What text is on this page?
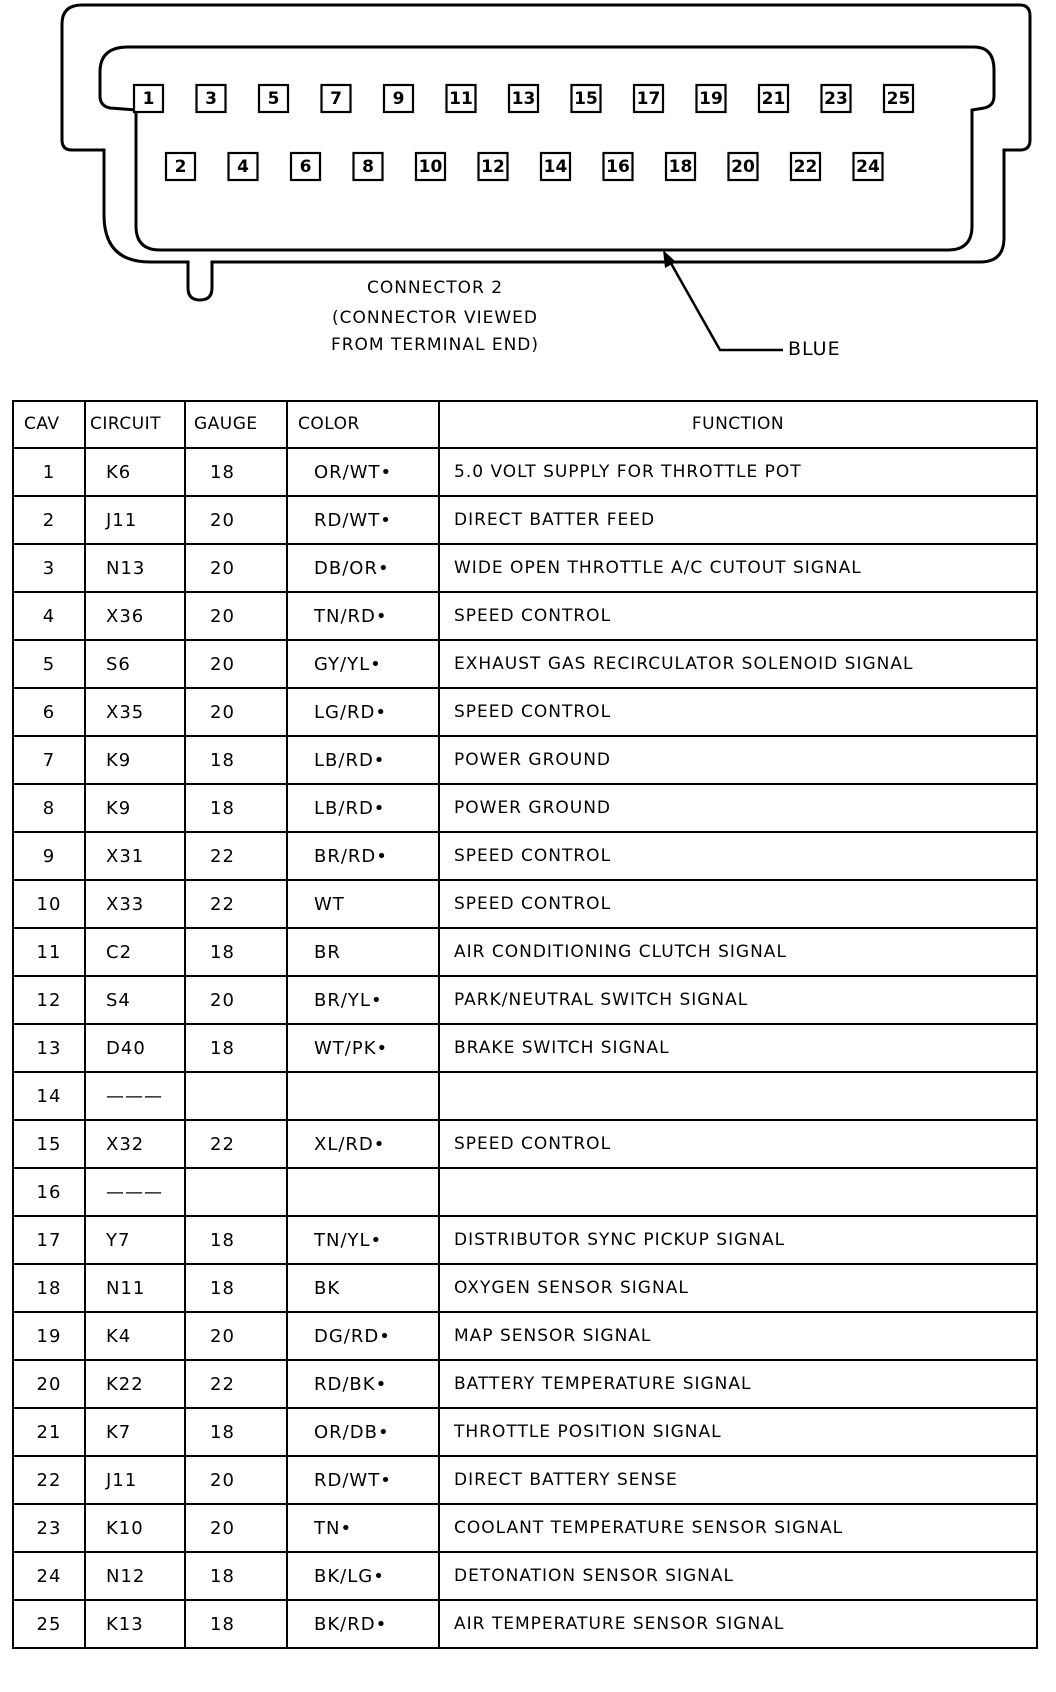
1	3	5	7	9	11 13 15 17 19 21 23 25
2	4	6	8	10 12 14 16 18 20 22 24
CONNECTOR 2
(CONNECTOR VIEWED
FROM TERMINAL END)	BLUE
CAV	CIRCUIT	GAUGE	COLOR	FUNCTION
1	K6	18	OR/WT•	5.0 VOLT SUPPLY FOR THROTTLE POT
2	J11	20	RD/WT•	DIRECT BATTER FEED
3	N13	20	DB/OR•	WIDE OPEN THROTTLE A/C CUTOUT SIGNAL
4	X36	20	TN/RD•	SPEED CONTROL
5	S6	20	GY/YL•	EXHAUST GAS RECIRCULATOR SOLENOID SIGNAL
6	X35	20	LG/RD•	SPEED CONTROL
7	K9	18	LB/RD•	POWER GROUND
8	K9	18	LB/RD•	POWER GROUND
9	X31	22	BR/RD•	SPEED CONTROL
10	X33	22	WT	SPEED CONTROL
11	C2	18	BR	AIR CONDITIONING CLUTCH SIGNAL
12	S4	20	BR/YL•	PARK/NEUTRAL SWITCH SIGNAL
13	D40	18	WT/PK•	BRAKE SWITCH SIGNAL
14	———			
15	X32	22	XL/RD•	SPEED CONTROL
16	———			
17	Y7	18	TN/YL•	DISTRIBUTOR SYNC PICKUP SIGNAL
18	N11	18	BK	OXYGEN SENSOR SIGNAL
19	K4	20	DG/RD•	MAP SENSOR SIGNAL
20	K22	22	RD/BK•	BATTERY TEMPERATURE SIGNAL
21	K7	18	OR/DB•	THROTTLE POSITION SIGNAL
22	J11	20	RD/WT•	DIRECT BATTERY SENSE
23	K10	20	TN•	COOLANT TEMPERATURE SENSOR SIGNAL
24	N12	18	BK/LG•	DETONATION SENSOR SIGNAL
25	K13	18	BK/RD•	AIR TEMPERATURE SENSOR SIGNAL
